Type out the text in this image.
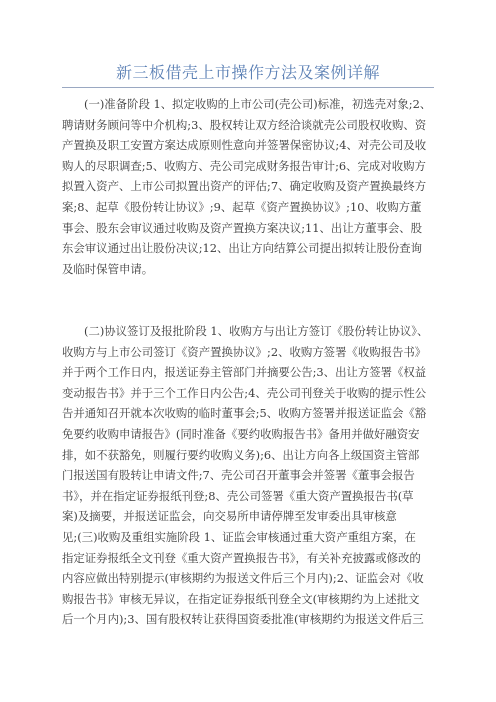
新三板借壳上市操作方法及案例详解
(一)准备阶段 1、拟定收购的上市公司(壳公司)标准，初选壳对象;2、
聘请财务顾问等中介机构;3、股权转让双方经洽谈就壳公司股权收购、资
产置换及职工安置方案达成原则性意向并签署保密协议;4、对壳公司及收
购人的尽职调查;5、收购方、壳公司完成财务报告审计;6、完成对收购方
拟置入资产、上市公司拟置出资产的评估;7、确定收购及资产置换最终方
案;8、起草《股份转让协议》;9、起草《资产置换协议》;10、收购方董
事会、股东会审议通过收购及资产置换方案决议;11、出让方董事会、股
东会审议通过出让股份决议;12、出让方向结算公司提出拟转让股份查询
及临时保管申请。
(二)协议签订及报批阶段 1、收购方与出让方签订《股份转让协议》、
收购方与上市公司签订《资产置换协议》;2、收购方签署《收购报告书》
并于两个工作日内，报送证券主管部门并摘要公告;3、出让方签署《权益
变动报告书》并于三个工作日内公告;4、壳公司刊登关于收购的提示性公
告并通知召开就本次收购的临时董事会;5、收购方签署并报送证监会《豁
免要约收购申请报告》(同时准备《要约收购报告书》备用并做好融资安
排，如不获豁免，则履行要约收购义务);6、出让方向各上级国资主管部
门报送国有股转让申请文件;7、壳公司召开董事会并签署《董事会报告
书》，并在指定证券报纸刊登;8、壳公司签署《重大资产置换报告书(草
案)及摘要，并报送证监会，向交易所申请停牌至发审委出具审核意
见;(三)收购及重组实施阶段 1、证监会审核通过重大资产重组方案，在
指定证券报纸全文刊登《重大资产置换报告书》，有关补充披露或修改的
内容应做出特别提示(审核期约为报送文件后三个月内);2、证监会对《收
购报告书》审核无异议，在指定证券报纸刊登全文(审核期约为上述批文
后一个月内);3、国有股权转让获得国资委批准(审核期约为报送文件后三
